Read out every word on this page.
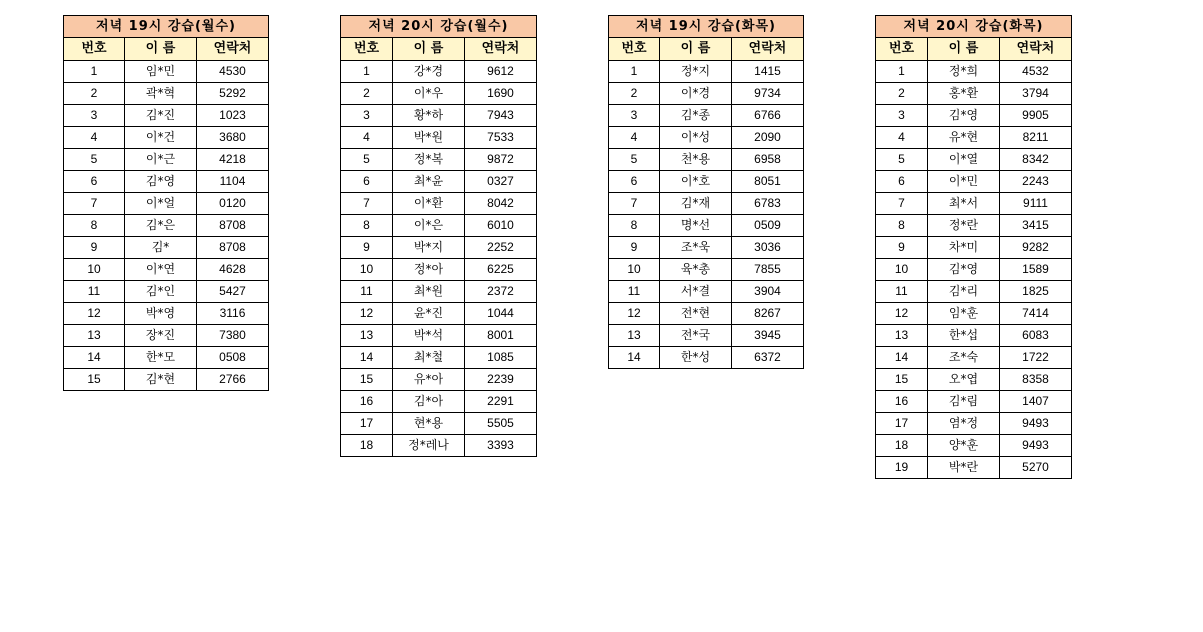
저녁 19시 강습(월수)		
번호	이 름	연락처
1	임*민	4530
2	곽*혁	5292
3	김*진	1023
4	이*건	3680
5	이*근	4218
6	김*영	1104
7	이*얼	0120
8	김*은	8708
9	김*	8708
10	이*연	4628
11	김*인	5427
12	박*영	3116
13	장*진	7380
14	한*모	0508
15	김*현	2766
저녁 20시 강습(월수)		
번호	이 름	연락처
1	강*경	9612
2	이*우	1690
3	황*하	7943
4	박*원	7533
5	정*복	9872
6	최*윤	0327
7	이*환	8042
8	이*은	6010
9	박*지	2252
10	정*아	6225
11	최*원	2372
12	윤*진	1044
13	박*석	8001
14	최*철	1085
15	유*아	2239
16	김*아	2291
17	현*용	5505
18	정*레나	3393
저녁 19시 강습(화목)		
번호	이 름	연락처
1	정*지	1415
2	이*경	9734
3	김*종	6766
4	이*성	2090
5	천*용	6958
6	이*호	8051
7	김*재	6783
8	명*선	0509
9	조*욱	3036
10	육*총	7855
11	서*결	3904
12	전*현	8267
13	전*국	3945
14	한*성	6372
저녁 20시 강습(화목)		
번호	이 름	연락처
1	정*희	4532
2	홍*환	3794
3	김*영	9905
4	유*현	8211
5	이*열	8342
6	이*민	2243
7	최*서	9111
8	정*란	3415
9	차*미	9282
10	김*영	1589
11	김*리	1825
12	임*훈	7414
13	한*섭	6083
14	조*숙	1722
15	오*엽	8358
16	김*림	1407
17	염*정	9493
18	양*훈	9493
19	박*란	5270
